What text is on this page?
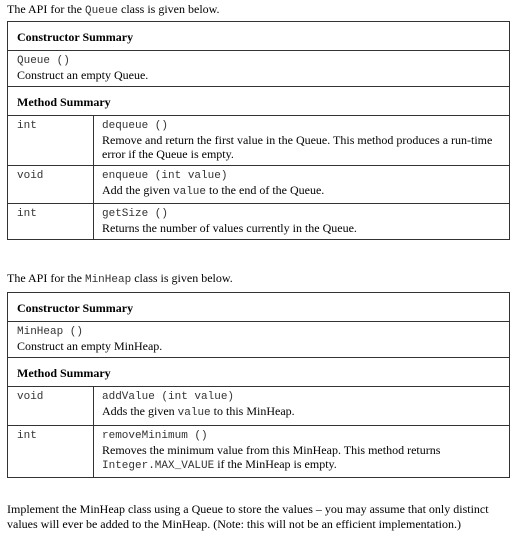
The API for the Queue class is given below.

Constructor Summary	

Queue ()
Construct an empty Queue.	

Method Summary	
int	dequeue ()
Remove and return the first value in the Queue. This method produces a run-time error if the Queue is empty.

void	enqueue (int value)
Add the given value to the end of the Queue.

int	getSize ()
Returns the number of values currently in the Queue.

The API for the MinHeap class is given below.

Constructor Summary	

MinHeap ()
Construct an empty MinHeap.	

Method Summary	
void	addValue (int value)
Adds the given value to this MinHeap.

int	removeMinimum ()
Removes the minimum value from this MinHeap. This method returns
Integer.MAX_VALUE if the MinHeap is empty.

Implement the MinHeap class using a Queue to store the values – you may assume that only distinct values will ever be added to the MinHeap. (Note: this will not be an efficient implementation.)
